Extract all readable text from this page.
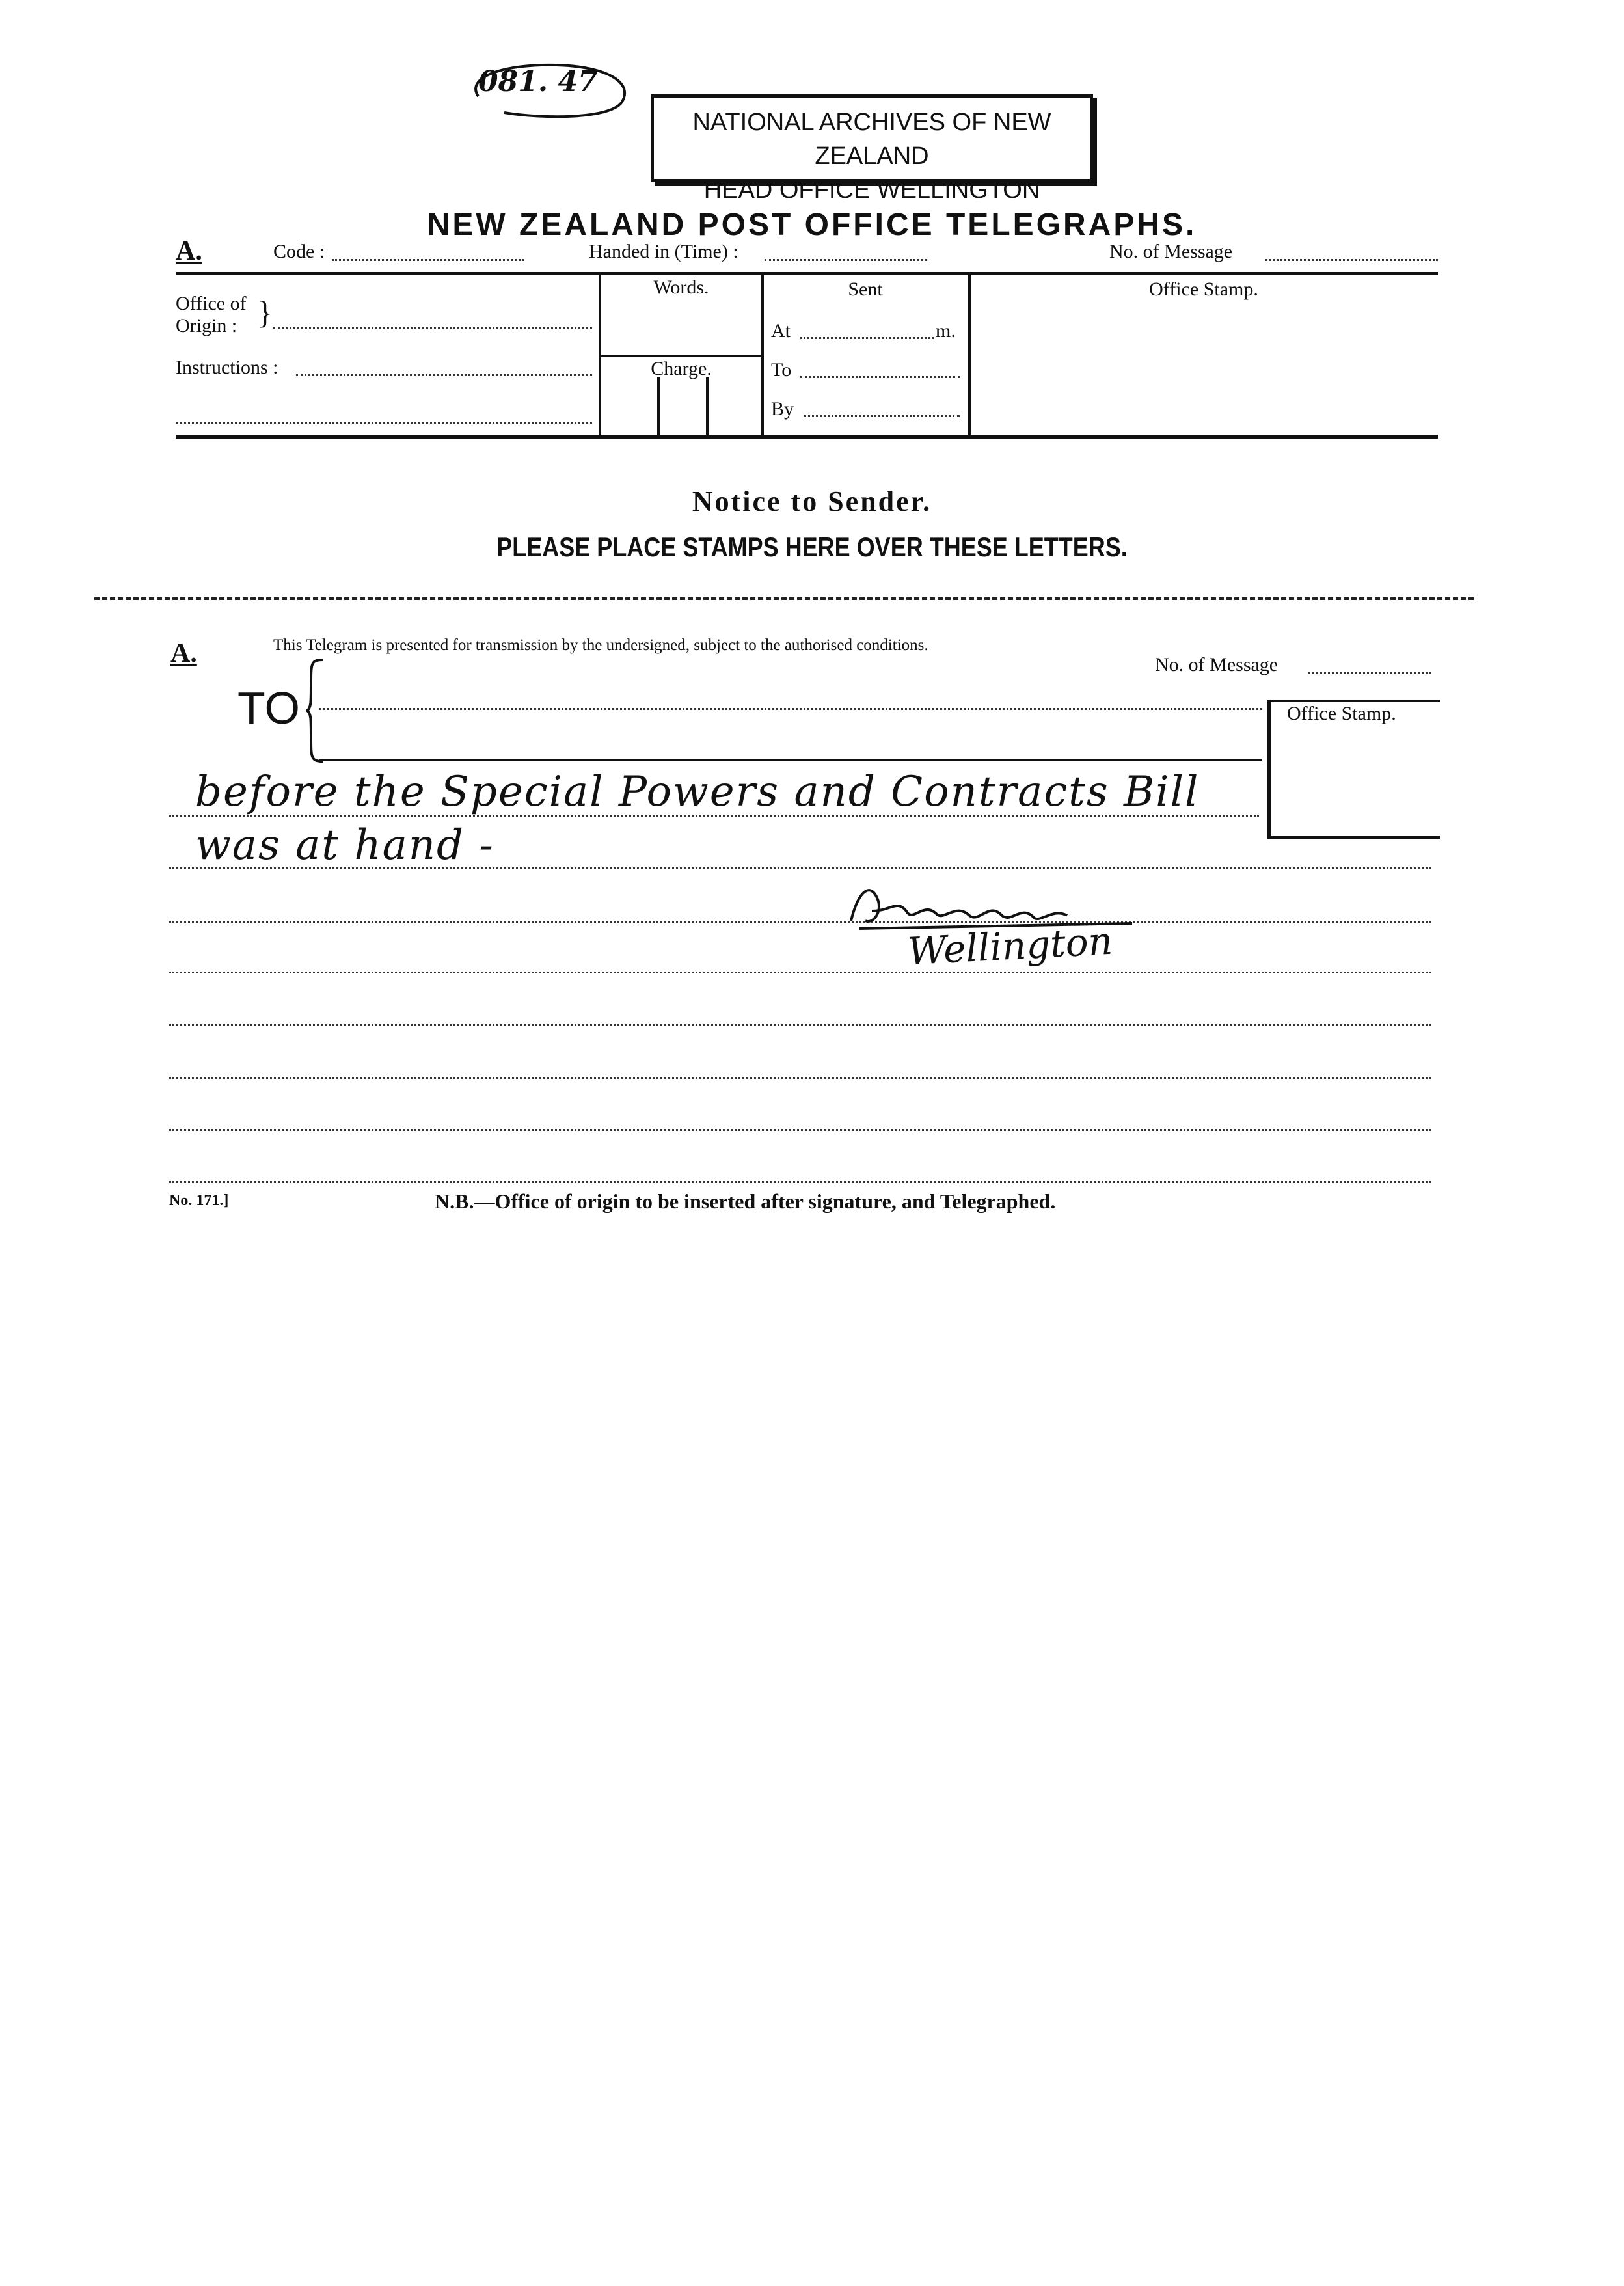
081. 47
NATIONAL ARCHIVES OF NEW ZEALAND
HEAD OFFICE WELLINGTON
NEW ZEALAND POST OFFICE TELEGRAPHS.
A.	Code :	Handed in (Time) :	No. of Message
Office of
Origin : }
Instructions :
Words.
Charge.
Sent
At	m.
To
By
Office Stamp.
Notice to Sender.
PLEASE PLACE STAMPS HERE OVER THESE LETTERS.
A.	This Telegram is presented for transmission by the undersigned, subject to the authorised conditions.
No. of Message
TO	Office Stamp.
before the Special Powers and Contracts Bill
was at hand -
Wellington
No. 171.]	N.B.—Office of origin to be inserted after signature, and Telegraphed.
